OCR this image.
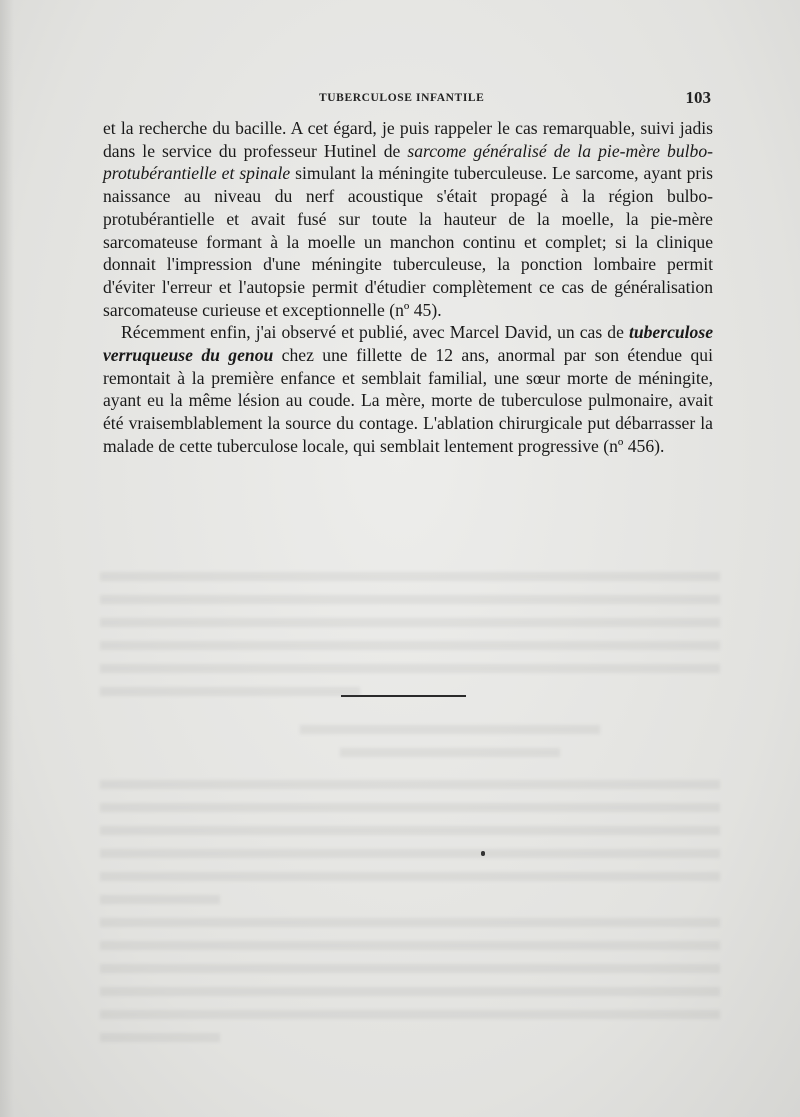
TUBERCULOSE INFANTILE	103

et la recherche du bacille. A cet égard, je puis rappeler le cas remarquable, suivi jadis dans le service du professeur Hutinel de sarcome généralisé de la pie-mère bulbo-protubérantielle et spinale simulant la méningite tuberculeuse. Le sarcome, ayant pris naissance au niveau du nerf acoustique s'était propagé à la région bulbo-protubérantielle et avait fusé sur toute la hauteur de la moelle, la pie-mère sarcomateuse formant à la moelle un manchon continu et complet; si la clinique donnait l'impression d'une méningite tuberculeuse, la ponction lombaire permit d'éviter l'erreur et l'autopsie permit d'étudier complètement ce cas de généralisation sarcomateuse curieuse et exceptionnelle (nº 45).

Récemment enfin, j'ai observé et publié, avec Marcel David, un cas de tuberculose verruqueuse du genou chez une fillette de 12 ans, anormal par son étendue qui remontait à la première enfance et semblait familial, une sœur morte de méningite, ayant eu la même lésion au coude. La mère, morte de tuberculose pulmonaire, avait été vraisemblablement la source du contage. L'ablation chirurgicale put débarrasser la malade de cette tuberculose locale, qui semblait lentement progressive (nº 456).
